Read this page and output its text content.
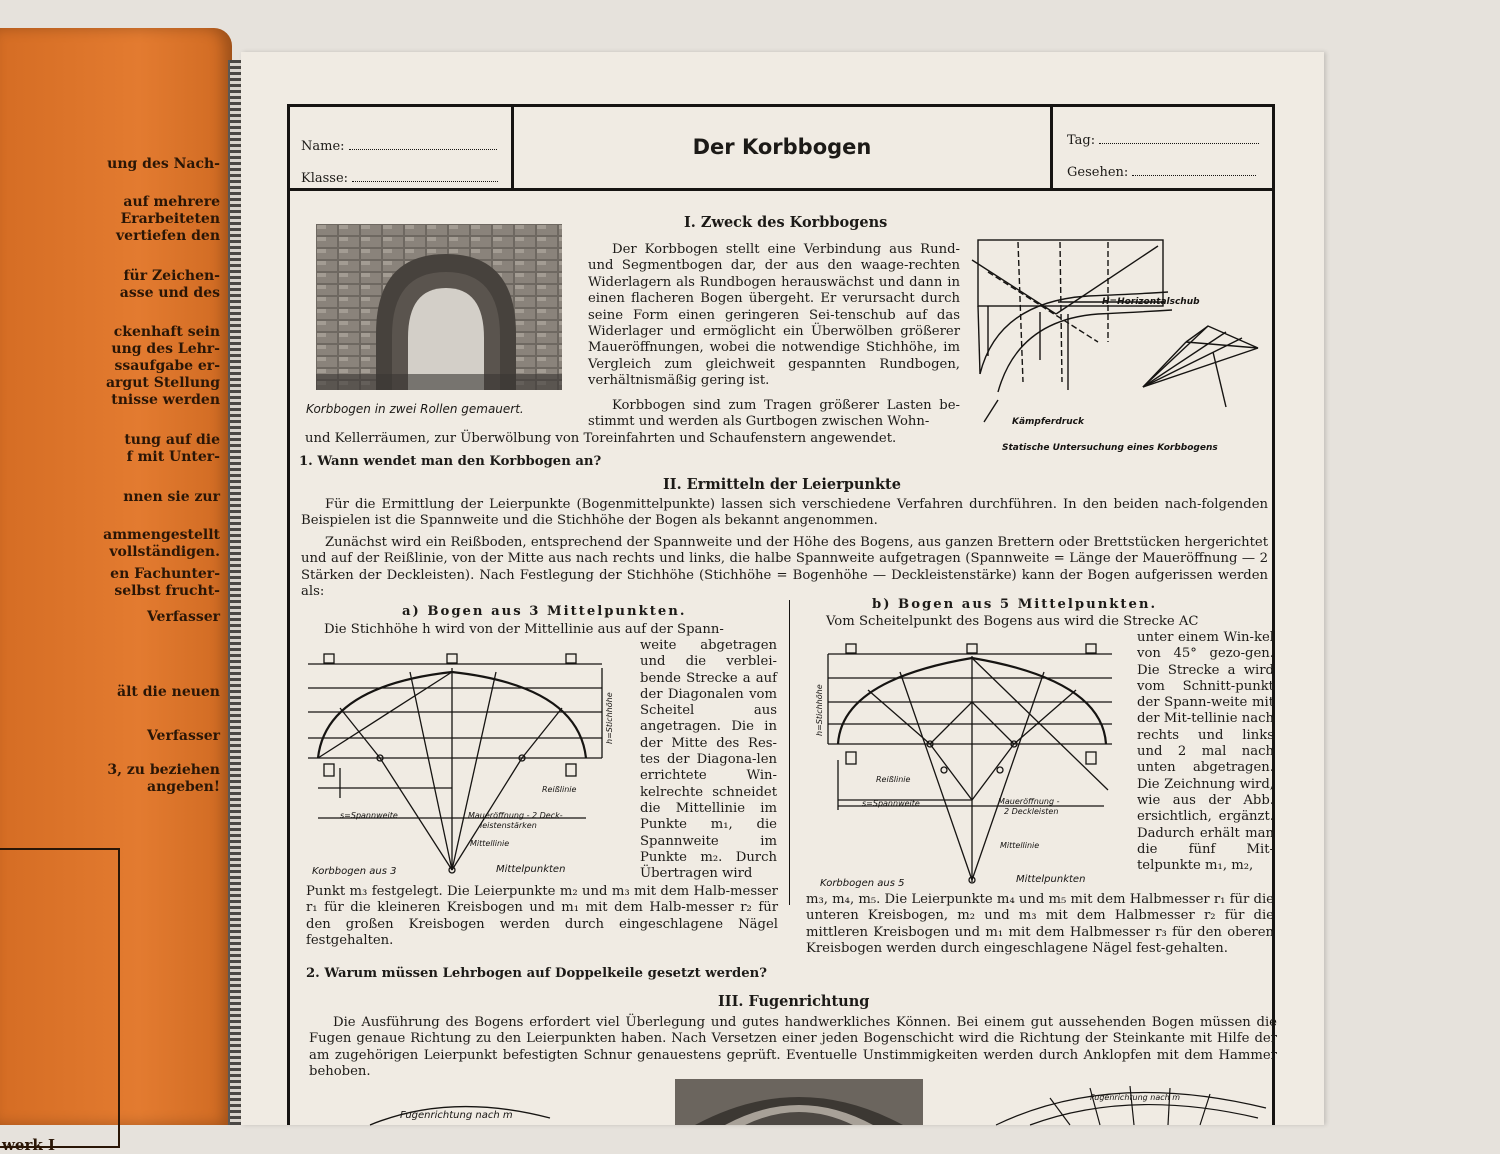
ung des Nach-
auf mehrere
Erarbeiteten
vertiefen den
für Zeichen-
asse und des
ckenhaft sein
ung des Lehr-
ssaufgabe er-
argut Stellung
tnisse werden
tung auf die
f mit Unter-
nnen sie zur
ammengestellt
vollständigen.
en Fachunter-
selbst frucht-
Verfasser
ält die neuen
Verfasser
3, zu beziehen
angeben!
werk I
Name:
Klasse:
Der Korbbogen	Tag:
Gesehen:
Korbbogen in zwei Rollen gemauert.
I. Zweck des Korbbogens
Der Korbbogen stellt eine Verbindung aus Rund- und Segmentbogen dar, der aus den waage-rechten Widerlagern als Rundbogen herauswächst und dann in einen flacheren Bogen übergeht. Er verursacht durch seine Form einen geringeren Sei-tenschub auf das Widerlager und ermöglicht ein Überwölben größerer Maueröffnungen, wobei die notwendige Stichhöhe, im Vergleich zum gleichweit gespannten Rundbogen, verhältnismäßig gering ist.
Korbbogen sind zum Tragen größerer Lasten be-stimmt und werden als Gurtbogen zwischen Wohn-
und Kellerräumen, zur Überwölbung von Toreinfahrten und Schaufenstern angewendet.
1. Wann wendet man den Korbbogen an?
H=Horizontalschub
Kämpferdruck
Statische Untersuchung eines Korbbogens
II. Ermitteln der Leierpunkte
Für die Ermittlung der Leierpunkte (Bogenmittelpunkte) lassen sich verschiedene Verfahren durchführen. In den beiden nach-folgenden Beispielen ist die Spannweite und die Stichhöhe der Bogen als bekannt angenommen.
Zunächst wird ein Reißboden, entsprechend der Spannweite und der Höhe des Bogens, aus ganzen Brettern oder Brettstücken hergerichtet und auf der Reißlinie, von der Mitte aus nach rechts und links, die halbe Spannweite aufgetragen (Spannweite = Länge der Maueröffnung — 2 Stärken der Deckleisten). Nach Festlegung der Stichhöhe (Stichhöhe = Bogenhöhe — Deckleistenstärke) kann der Bogen aufgerissen werden als:
a) Bogen aus 3 Mittelpunkten.
Die Stichhöhe h wird von der Mittellinie aus auf der Spann-
weite abgetragen und die verblei-bende Strecke a auf der Diagonalen vom Scheitel aus angetragen. Die in der Mitte des Res-tes der Diagona-len errichtete Win-kelrechte schneidet die Mittellinie im Punkte m₁, die Spannweite im Punkte m₂. Durch Übertragen wird
Punkt m₃ festgelegt. Die Leierpunkte m₂ und m₃ mit dem Halb-messer r₁ für die kleineren Kreisbogen und m₁ mit dem Halb-messer r₂ für den großen Kreisbogen werden durch eingeschlagene Nägel festgehalten.
2. Warum müssen Lehrbogen auf Doppelkeile gesetzt werden?
s=Spannweite	Maueröffnung - 2 Deck-
leistenstärken
Reißlinie
Mittellinie
h=Stichhöhe
Korbbogen aus 3	Mittelpunkten
b) Bogen aus 5 Mittelpunkten.
Vom Scheitelpunkt des Bogens aus wird die Strecke AC
unter einem Win-kel von 45° gezo-gen. Die Strecke a wird vom Schnitt-punkt der Spann-weite mit der Mit-tellinie nach rechts und links und 2 mal nach unten abgetragen. Die Zeichnung wird, wie aus der Abb. ersichtlich, ergänzt. Dadurch erhält man die fünf Mit-telpunkte m₁, m₂,
m₃, m₄, m₅. Die Leierpunkte m₄ und m₅ mit dem Halbmesser r₁ für die unteren Kreisbogen, m₂ und m₃ mit dem Halbmesser r₂ für die mittleren Kreisbogen und m₁ mit dem Halbmesser r₃ für den oberen Kreisbogen werden durch eingeschlagene Nägel fest-gehalten.
s=Spannweite	Maueröffnung -
2 Deckleisten
Reißlinie
Mittellinie
h=Stichhöhe
Korbbogen aus 5	Mittelpunkten
III. Fugenrichtung
Die Ausführung des Bogens erfordert viel Überlegung und gutes handwerkliches Können. Bei einem gut aussehenden Bogen müssen die Fugen genaue Richtung zu den Leierpunkten haben. Nach Versetzen einer jeden Bogenschicht wird die Richtung der Steinkante mit Hilfe der am zugehörigen Leierpunkt befestigten Schnur genauestens geprüft. Eventuelle Unstimmigkeiten werden durch Anklopfen mit dem Hammer behoben.
Fugenrichtung nach m
Fugenrichtung nach m
